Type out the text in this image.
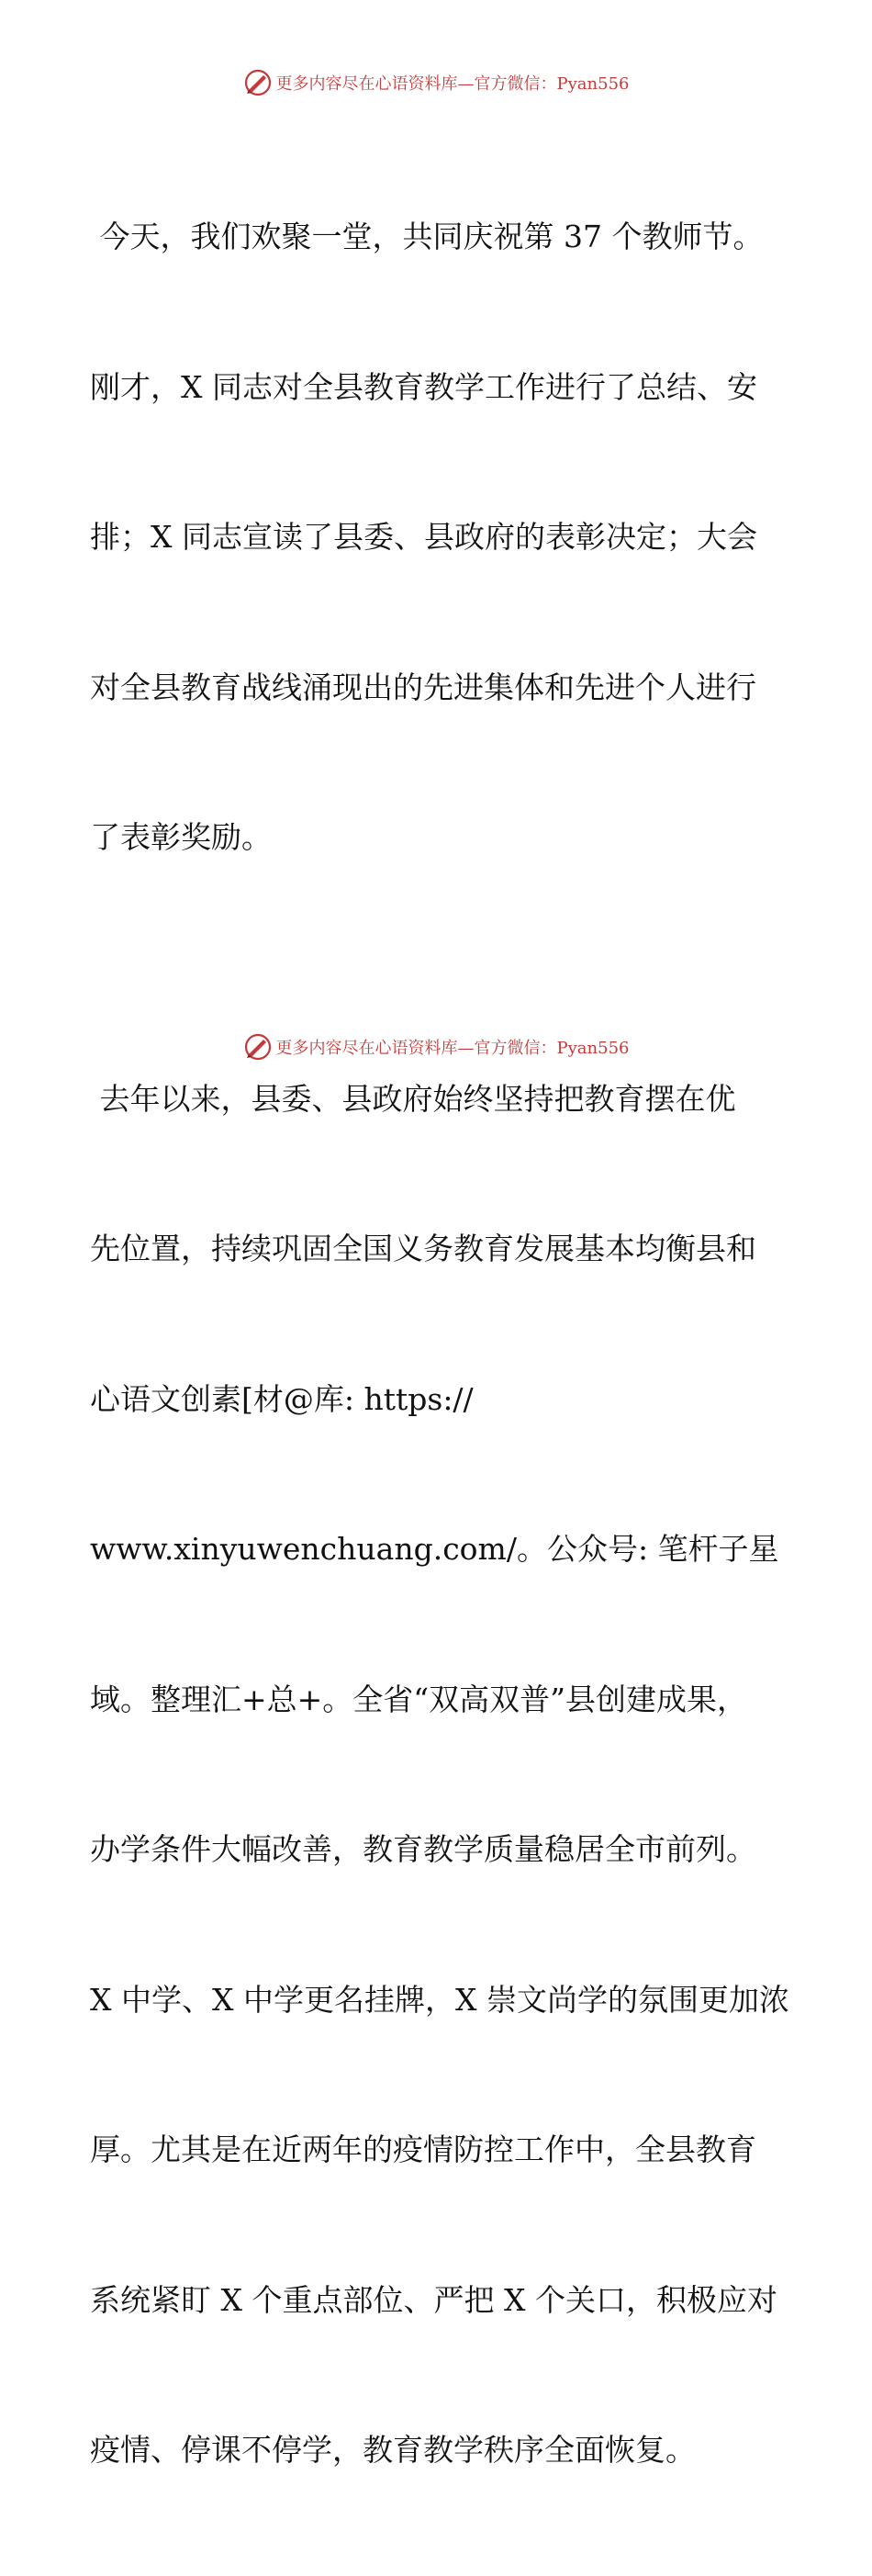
更多内容尽在心语资料库—官方微信：Pyan556

今天，我们欢聚一堂，共同庆祝第 37 个教师节。

刚才，X 同志对全县教育教学工作进行了总结、安

排；X 同志宣读了县委、县政府的表彰决定；大会

对全县教育战线涌现出的先进集体和先进个人进行

了表彰奖励。

去年以来，县委、县政府始终坚持把教育摆在优

先位置，持续巩固全国义务教育发展基本均衡县和

心语文创素[材@库: https://

www.xinyuwenchuang.com/。公众号: 笔杆子星

域。整理汇+总+。全省“双高双普”县创建成果，

办学条件大幅改善，教育教学质量稳居全市前列。

X 中学、X 中学更名挂牌，X 崇文尚学的氛围更加浓

厚。尤其是在近两年的疫情防控工作中，全县教育

系统紧盯 X 个重点部位、严把 X 个关口，积极应对

疫情、停课不停学，教育教学秩序全面恢复。

更多内容尽在心语资料库—官方微信：Pyan556
